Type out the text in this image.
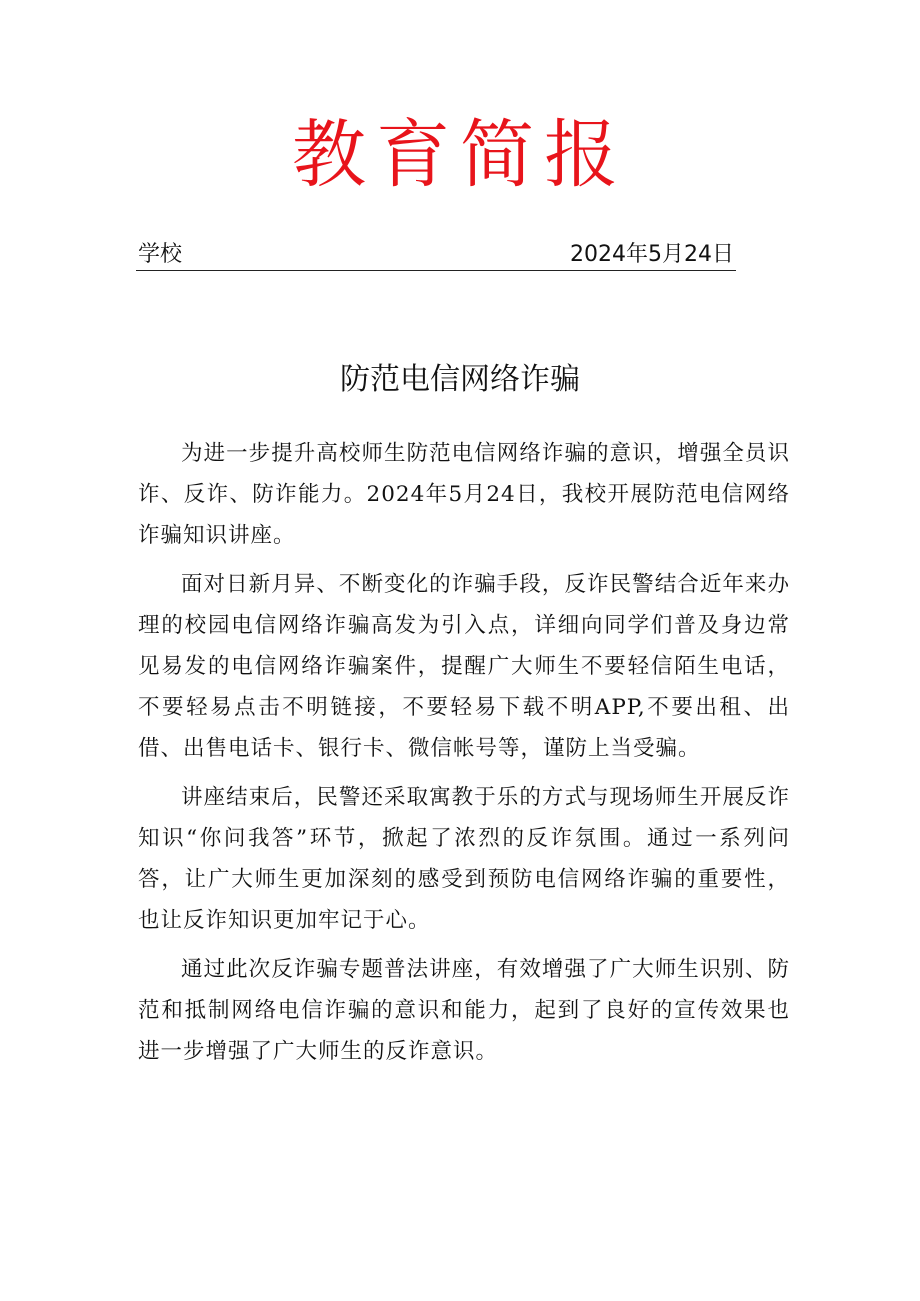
教育简报
学校	2024年5月24日
防范电信网络诈骗

为进一步提升高校师生防范电信网络诈骗的意识，增强全员识诈、反诈、防诈能力。2024年5月24日，我校开展防范电信网络诈骗知识讲座。

面对日新月异、不断变化的诈骗手段，反诈民警结合近年来办理的校园电信网络诈骗高发为引入点，详细向同学们普及身边常见易发的电信网络诈骗案件，提醒广大师生不要轻信陌生电话，不要轻易点击不明链接，不要轻易下载不明APP,不要出租、出借、出售电话卡、银行卡、微信帐号等，谨防上当受骗。

讲座结束后，民警还采取寓教于乐的方式与现场师生开展反诈知识“你问我答”环节，掀起了浓烈的反诈氛围。通过一系列问答，让广大师生更加深刻的感受到预防电信网络诈骗的重要性，也让反诈知识更加牢记于心。

通过此次反诈骗专题普法讲座，有效增强了广大师生识别、防范和抵制网络电信诈骗的意识和能力，起到了良好的宣传效果也进一步增强了广大师生的反诈意识。
